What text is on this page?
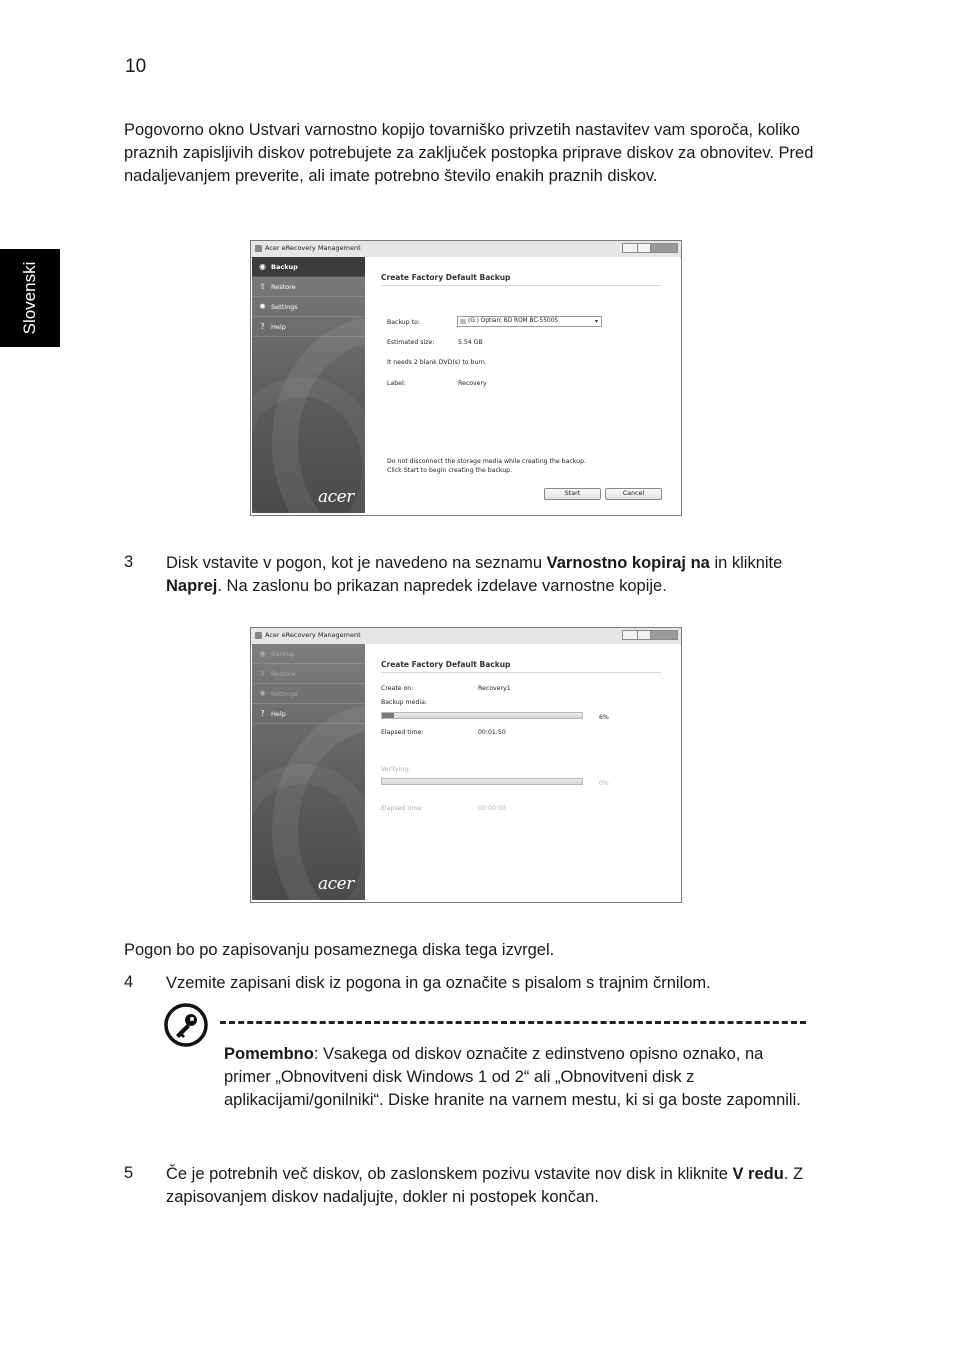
10
Slovenski
Pogovorno okno Ustvari varnostno kopijo tovarniško privzetih nastavitev vam sporoča, koliko praznih zapisljivih diskov potrebujete za zaključek postopka priprave diskov za obnovitev. Pred nadaljevanjem preverite, ali imate potrebno število enakih praznih diskov.
Acer eRecovery Management
◉ Backup
⇪ Restore
✹ Settings
? Help
acer
Create Factory Default Backup
Backup to:	(G:) Optiarc BD ROM BC-5500S	▾
Estimated size:	5.54 GB
It needs 2 blank DVD(s) to burn.
Label:	Recovery
Do not disconnect the storage media while creating the backup.
Click Start to begin creating the backup.
Start	Cancel
3 Disk vstavite v pogon, kot je navedeno na seznamu Varnostno kopiraj na in kliknite Naprej. Na zaslonu bo prikazan napredek izdelave varnostne kopije.
Acer eRecovery Management
◉ Backup
⇪ Restore
✹ Settings
? Help
acer
Create Factory Default Backup
Create on:	Recovery1
Backup media:
6%
Elapsed time:	00:01:50
Verifying:
0%
Elapsed time:	00:00:00
Pogon bo po zapisovanju posameznega diska tega izvrgel.
4 Vzemite zapisani disk iz pogona in ga označite s pisalom s trajnim črnilom.
Pomembno: Vsakega od diskov označite z edinstveno opisno oznako, na primer „Obnovitveni disk Windows 1 od 2“ ali „Obnovitveni disk z aplikacijami/gonilniki“. Diske hranite na varnem mestu, ki si ga boste zapomnili.
5 Če je potrebnih več diskov, ob zaslonskem pozivu vstavite nov disk in kliknite V redu. Z zapisovanjem diskov nadaljujte, dokler ni postopek končan.
